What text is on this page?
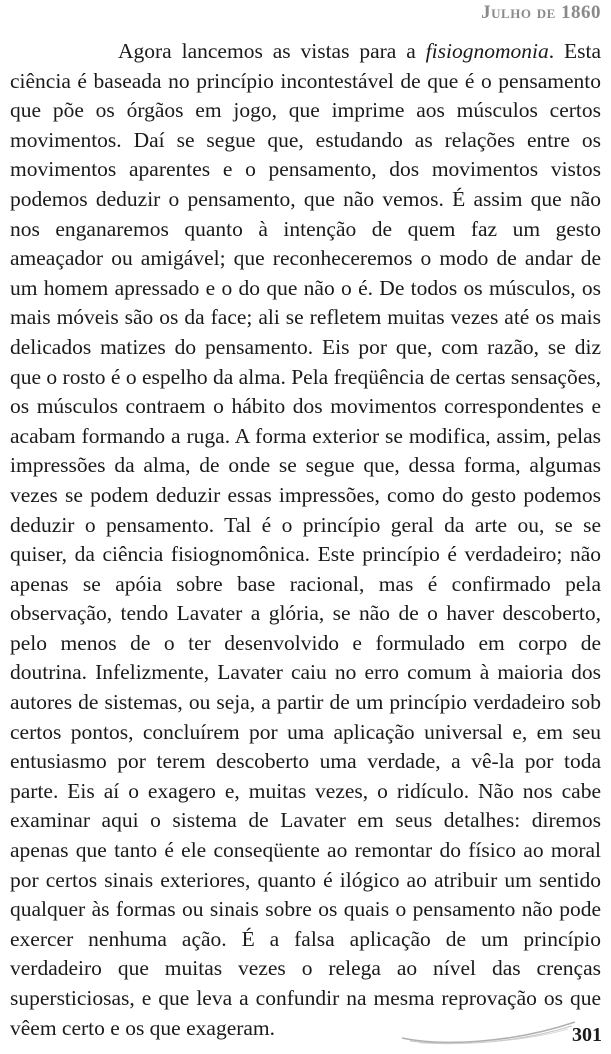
Julho de 1860

Agora lancemos as vistas para a fisiognomonia. Esta ciência é baseada no princípio incontestável de que é o pensamento que põe os órgãos em jogo, que imprime aos músculos certos movimentos. Daí se segue que, estudando as relações entre os movimentos aparentes e o pensamento, dos movimentos vistos podemos deduzir o pensamento, que não vemos. É assim que não nos enganaremos quanto à intenção de quem faz um gesto ameaçador ou amigável; que reconheceremos o modo de andar de um homem apressado e o do que não o é. De todos os músculos, os mais móveis são os da face; ali se refletem muitas vezes até os mais delicados matizes do pensamento. Eis por que, com razão, se diz que o rosto é o espelho da alma. Pela freqüência de certas sensações, os músculos contraem o hábito dos movimentos correspondentes e acabam formando a ruga. A forma exterior se modifica, assim, pelas impressões da alma, de onde se segue que, dessa forma, algumas vezes se podem deduzir essas impressões, como do gesto podemos deduzir o pensamento. Tal é o princípio geral da arte ou, se se quiser, da ciência fisiognomônica. Este princípio é verdadeiro; não apenas se apóia sobre base racional, mas é confirmado pela observação, tendo Lavater a glória, se não de o haver descoberto, pelo menos de o ter desenvolvido e formulado em corpo de doutrina. Infelizmente, Lavater caiu no erro comum à maioria dos autores de sistemas, ou seja, a partir de um princípio verdadeiro sob certos pontos, concluírem por uma aplicação universal e, em seu entusiasmo por terem descoberto uma verdade, a vê-la por toda parte. Eis aí o exagero e, muitas vezes, o ridículo. Não nos cabe examinar aqui o sistema de Lavater em seus detalhes: diremos apenas que tanto é ele conseqüente ao remontar do físico ao moral por certos sinais exteriores, quanto é ilógico ao atribuir um sentido qualquer às formas ou sinais sobre os quais o pensamento não pode exercer nenhuma ação. É a falsa aplicação de um princípio verdadeiro que muitas vezes o relega ao nível das crenças supersticiosas, e que leva a confundir na mesma reprovação os que vêem certo e os que exageram.	301
